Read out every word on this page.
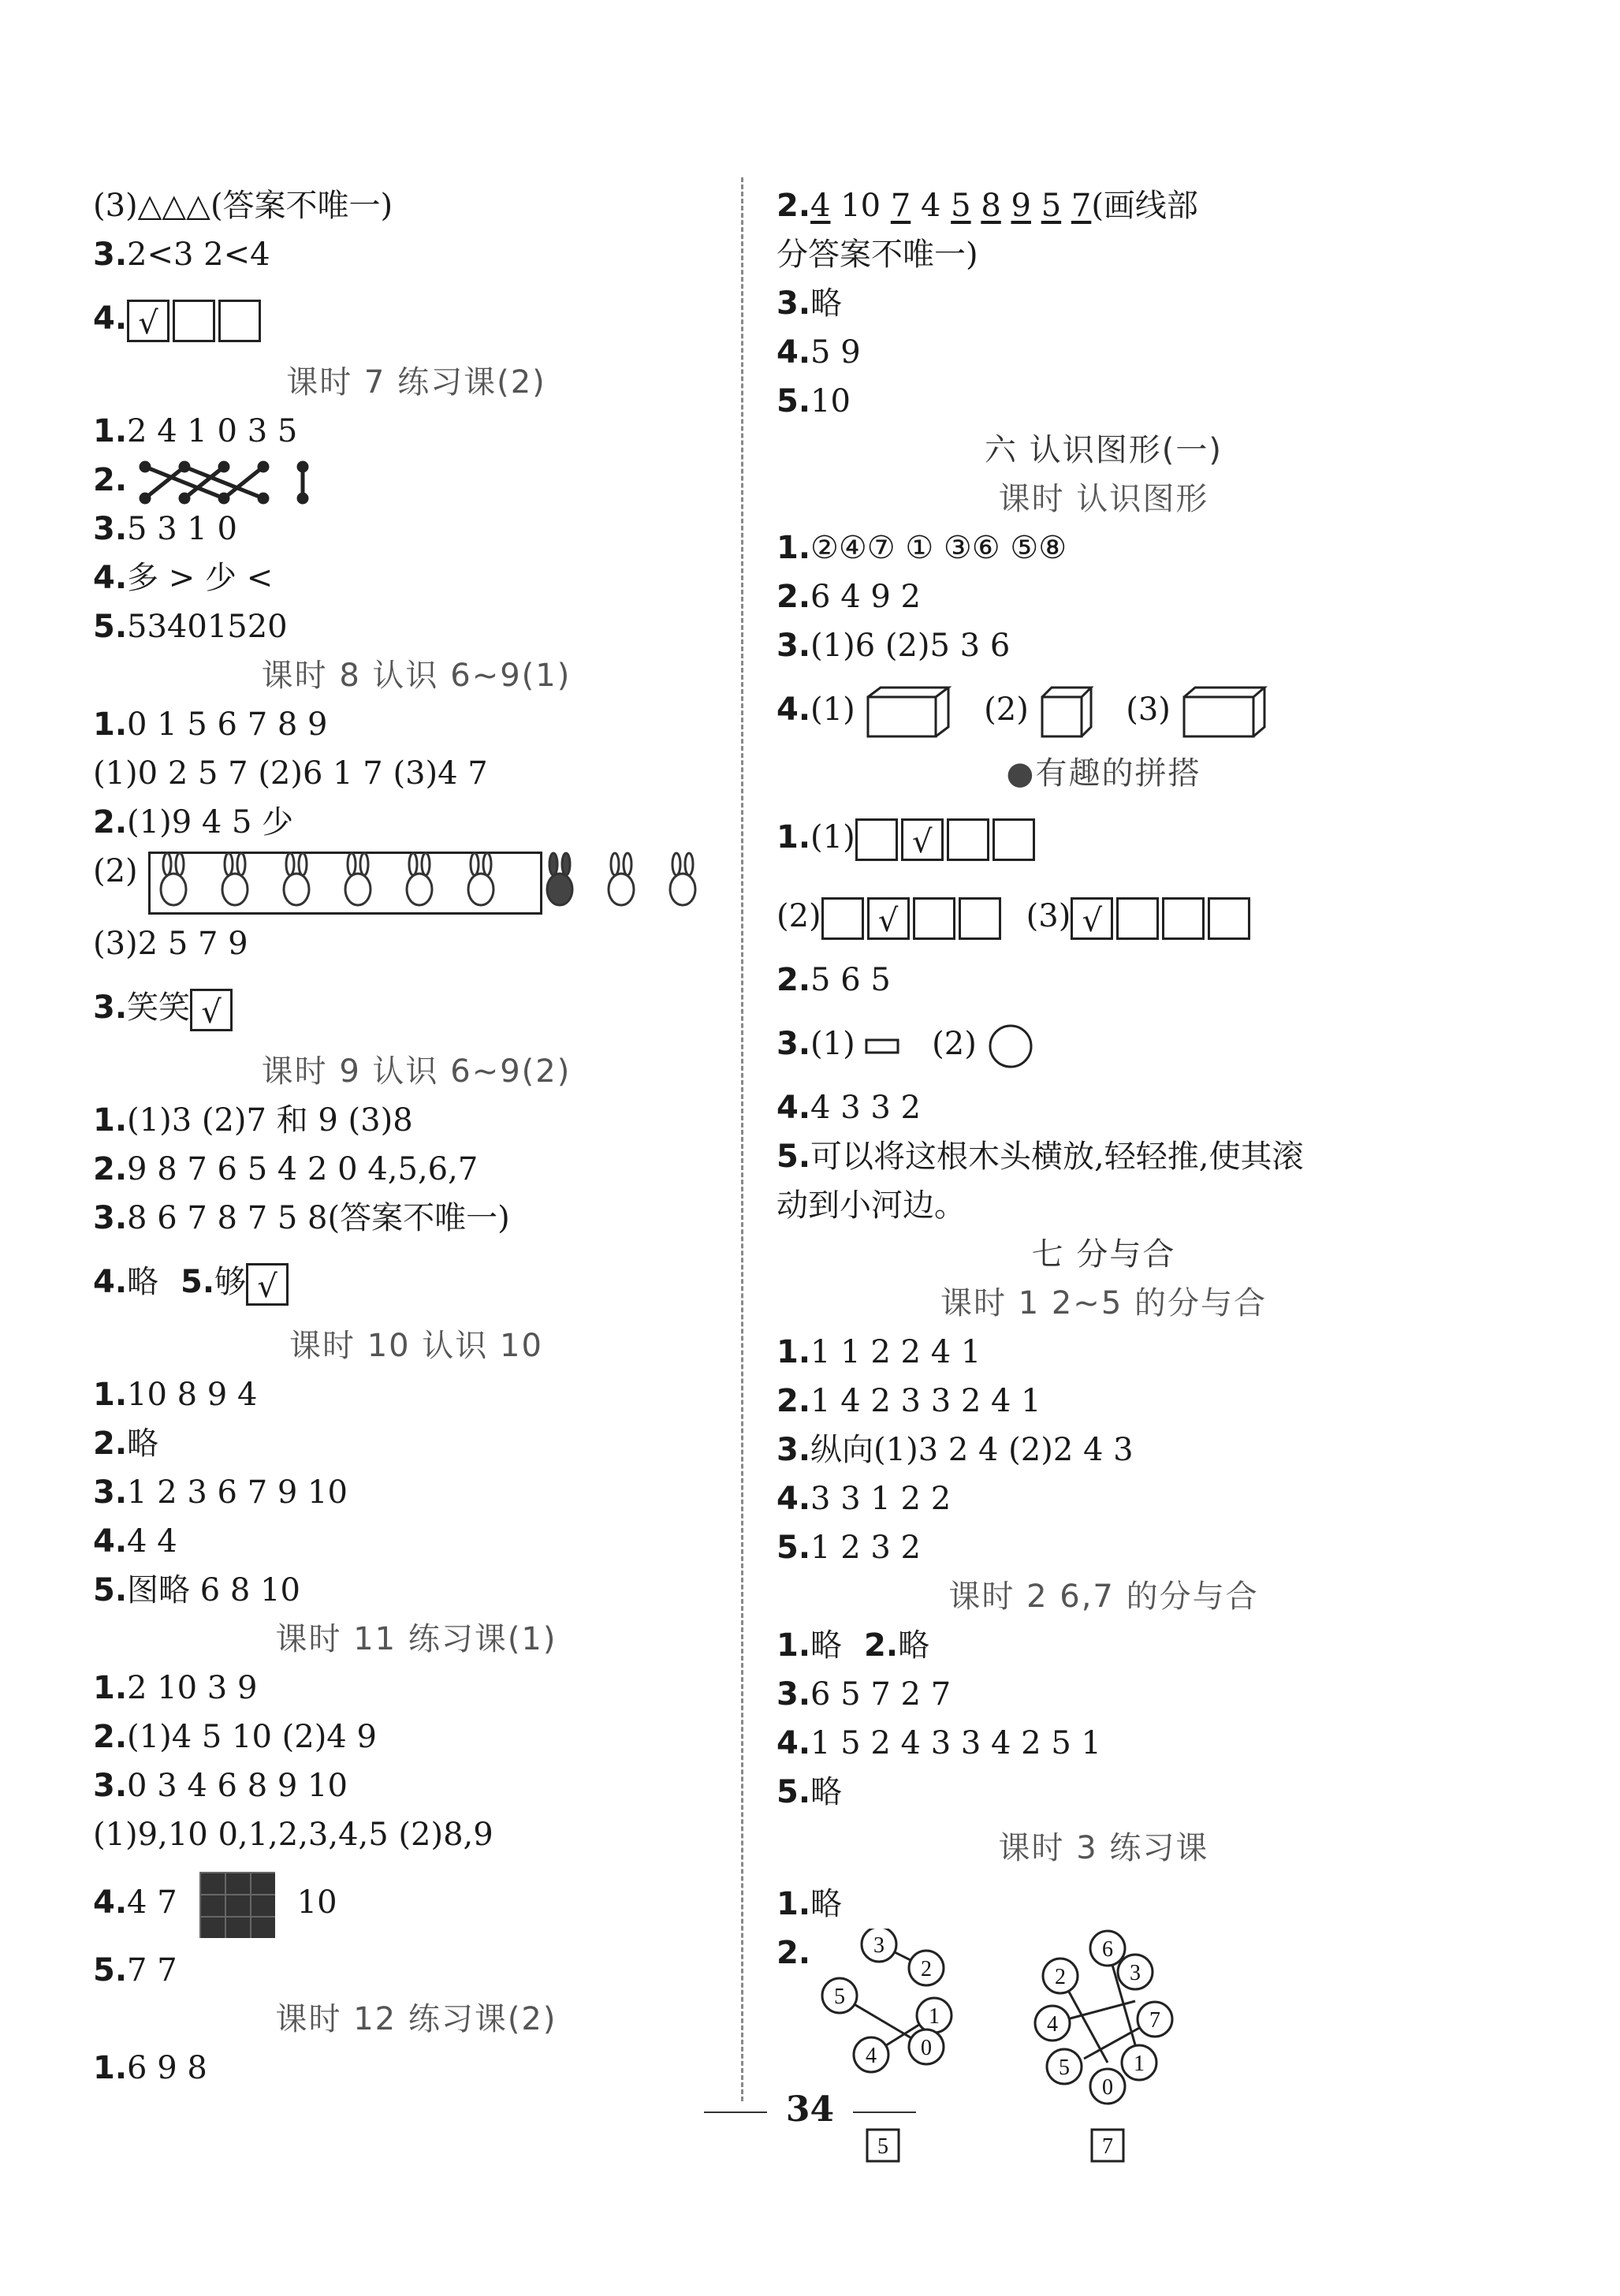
(3)△△△(答案不唯一)
3.2<3 2<4
4.√
课时 7 练习课(2)
1.2 4 1 0 3 5
2.
3.5 3 1 0
4.多 > 少 <
5.53401520
课时 8 认识 6~9(1)
1.0 1 5 6 7 8 9
(1)0 2 5 7 (2)6 1 7 (3)4 7
2.(1)9 4 5 少
(2)
(3)2 5 7 9
3.笑笑√
课时 9 认识 6~9(2)
1.(1)3 (2)7 和 9 (3)8
2.9 8 7 6 5 4 2 0 4,5,6,7
3.8 6 7 8 7 5 8(答案不唯一)
4.略 5.够√
课时 10 认识 10
1.10 8 9 4
2.略
3.1 2 3 6 7 9 10
4.4 4
5.图略 6 8 10
课时 11 练习课(1)
1.2 10 3 9
2.(1)4 5 10 (2)4 9
3.0 3 4 6 8 9 10
(1)9,10 0,1,2,3,4,5 (2)8,9
4.4 7	10
5.7 7
课时 12 练习课(2)
1.6 9 8
2.4 10 7 4 5 8 9 5 7(画线部
分答案不唯一)
3.略
4.5 9
5.10
六 认识图形(一)
课时 认识图形
1.②④⑦ ① ③⑥ ⑤⑧
2.6 4 9 2
3.(1)6 (2)5 3 6
4.(1)	(2)	(3)
●有趣的拼搭
1.(1)√
(2) √	(3)√
2.5 6 5
3.(1) (2)
4.4 3 3 2
5.可以将这根木头横放,轻轻推,使其滚
动到小河边。
七 分与合
课时 1 2~5 的分与合
1.1 1 2 2 4 1
2.1 4 2 3 3 2 4 1
3.纵向(1)3 2 4 (2)2 4 3
4.3 3 1 2 2
5.1 2 3 2
课时 2 6,7 的分与合
1.略 2.略
3.6 5 7 2 7
4.1 5 2 4 3 3 4 2 5 1
5.略
课时 3 练习课
1.略
2.	3
2
5
1
4 0
5
2
6
3
4	7
5
0
1
7
34
